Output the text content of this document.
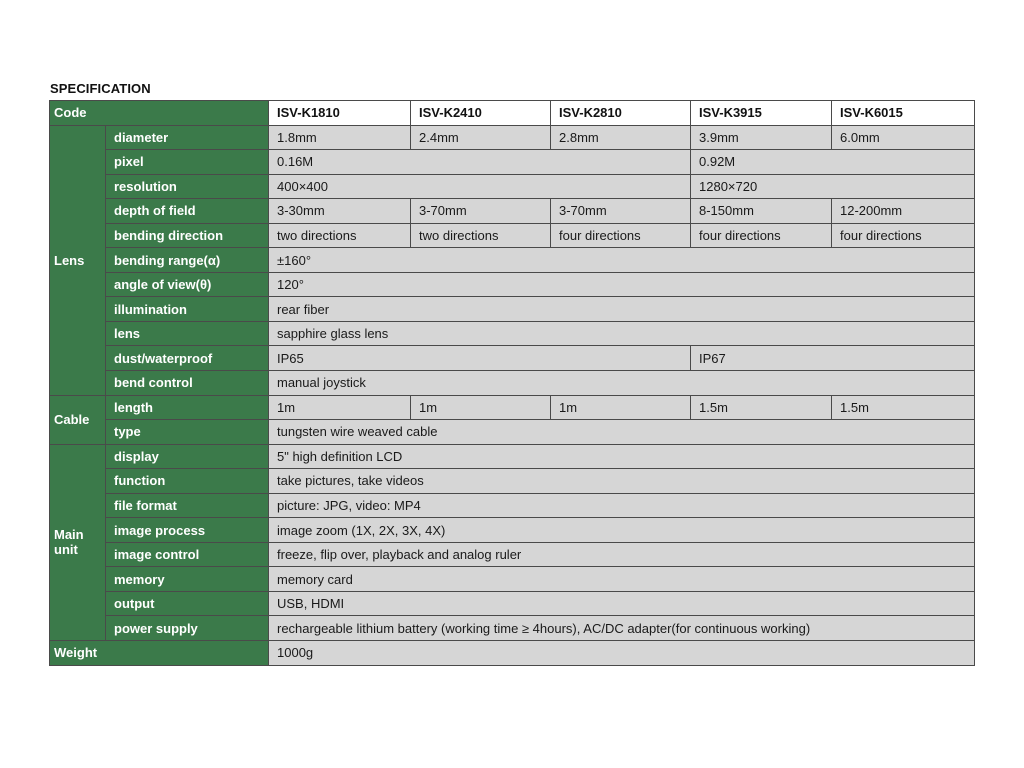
SPECIFICATION
Code		ISV-K1810	ISV-K2410	ISV-K2810	ISV-K3915	ISV-K6015
Lens	diameter	1.8mm	2.4mm	2.8mm	3.9mm	6.0mm
	pixel	0.16M			0.92M	
	resolution	400×400			1280×720	
	depth of field	3-30mm	3-70mm	3-70mm	8-150mm	12-200mm
	bending direction	two directions	two directions	four directions	four directions	four directions
	bending range(α)	±160°				
	angle of view(θ)	120°				
	illumination	rear fiber				
	lens	sapphire glass lens				
	dust/waterproof	IP65			IP67	
	bend control	manual joystick				
Cable	length	1m	1m	1m	1.5m	1.5m
	type	tungsten wire weaved cable				
Main
unit	display	5" high definition LCD				
	function	take pictures, take videos				
	file format	picture: JPG, video: MP4				
	image process	image zoom (1X, 2X, 3X, 4X)				
	image control	freeze, flip over, playback and analog ruler				
	memory	memory card				
	output	USB, HDMI				
	power supply	rechargeable lithium battery (working time ≥ 4hours), AC/DC adapter(for continuous working)				
Weight		1000g				
